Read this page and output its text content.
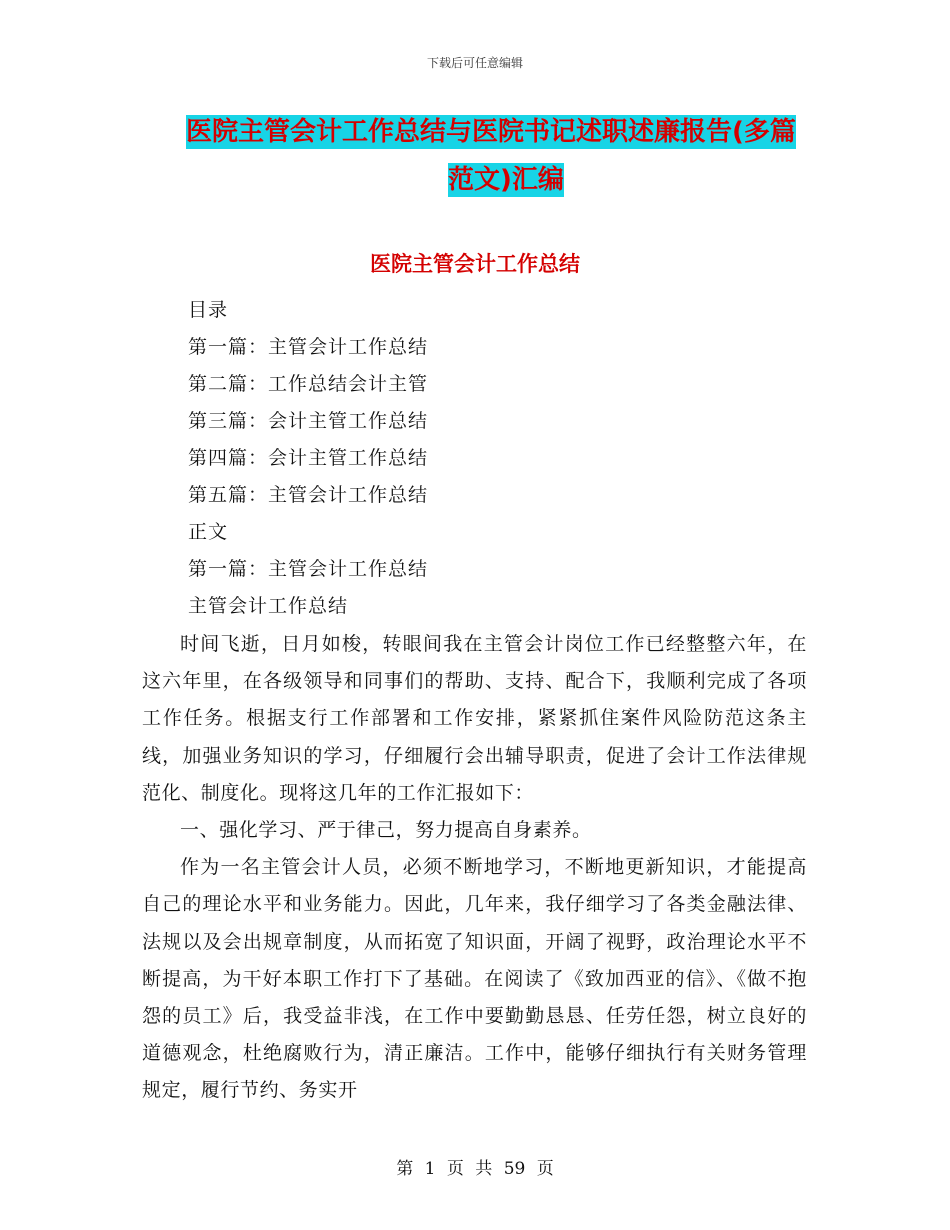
下载后可任意编辑
医院主管会计工作总结与医院书记述职述廉报告(多篇
范文)汇编
医院主管会计工作总结
目录
第一篇：主管会计工作总结
第二篇：工作总结会计主管
第三篇：会计主管工作总结
第四篇：会计主管工作总结
第五篇：主管会计工作总结
正文
第一篇：主管会计工作总结
主管会计工作总结

时间飞逝，日月如梭，转眼间我在主管会计岗位工作已经整整六年，在这六年里，在各级领导和同事们的帮助、支持、配合下，我顺利完成了各项工作任务。根据支行工作部署和工作安排，紧紧抓住案件风险防范这条主线，加强业务知识的学习，仔细履行会出辅导职责，促进了会计工作法律规范化、制度化。现将这几年的工作汇报如下：

一、强化学习、严于律己，努力提高自身素养。

作为一名主管会计人员，必须不断地学习，不断地更新知识，才能提高自己的理论水平和业务能力。因此，几年来，我仔细学习了各类金融法律、法规以及会出规章制度，从而拓宽了知识面，开阔了视野，政治理论水平不断提高，为干好本职工作打下了基础。在阅读了《致加西亚的信》、《做不抱怨的员工》后，我受益非浅，在工作中要勤勤恳恳、任劳任怨，树立良好的道德观念，杜绝腐败行为，清正廉洁。工作中，能够仔细执行有关财务管理规定，履行节约、务实开

第 1 页 共 59 页
